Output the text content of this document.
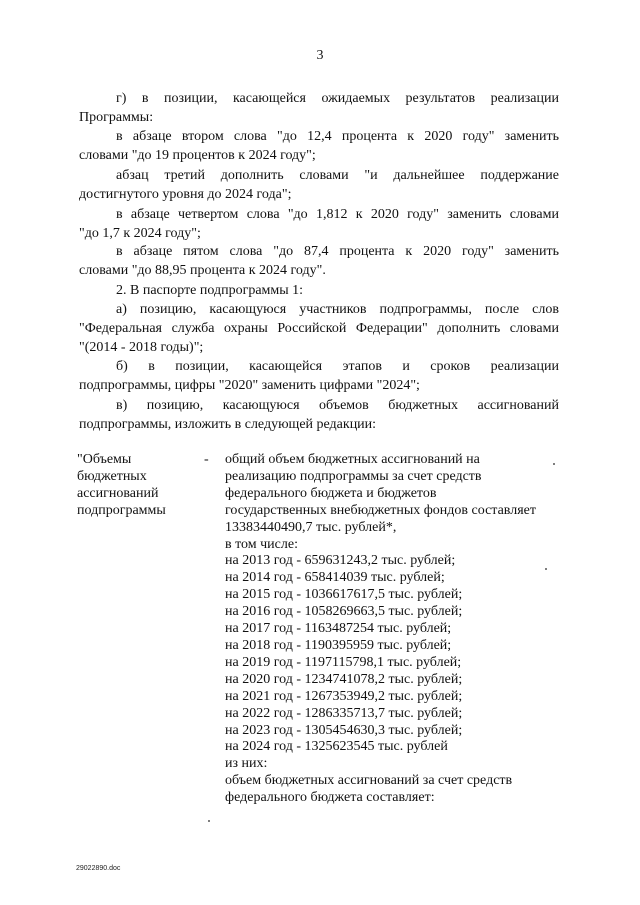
3
г) в позиции, касающейся ожидаемых результатов реализации
Программы:
в абзаце втором слова "до 12,4 процента к 2020 году" заменить
словами "до 19 процентов к 2024 году";
абзац третий дополнить словами "и дальнейшее поддержание
достигнутого уровня до 2024 года";
в абзаце четвертом слова "до 1,812 к 2020 году" заменить словами
"до 1,7 к 2024 году";
в абзаце пятом слова "до 87,4 процента к 2020 году" заменить
словами "до 88,95 процента к 2024 году".
2. В паспорте подпрограммы 1:
а) позицию, касающуюся участников подпрограммы, после слов
"Федеральная служба охраны Российской Федерации" дополнить словами
"(2014 - 2018 годы)";
б) в позиции, касающейся этапов и сроков реализации
подпрограммы, цифры "2020" заменить цифрами "2024";
в) позицию, касающуюся объемов бюджетных ассигнований
подпрограммы, изложить в следующей редакции:
"Объемы
бюджетных
ассигнований
подпрограммы
- общий объем бюджетных ассигнований на
реализацию подпрограммы за счет средств
федерального бюджета и бюджетов
государственных внебюджетных фондов составляет
13383440490,7 тыс. рублей*,
в том числе:
на 2013 год - 659631243,2 тыс. рублей;
на 2014 год - 658414039 тыс. рублей;
на 2015 год - 1036617617,5 тыс. рублей;
на 2016 год - 1058269663,5 тыс. рублей;
на 2017 год - 1163487254 тыс. рублей;
на 2018 год - 1190395959 тыс. рублей;
на 2019 год - 1197115798,1 тыс. рублей;
на 2020 год - 1234741078,2 тыс. рублей;
на 2021 год - 1267353949,2 тыс. рублей;
на 2022 год - 1286335713,7 тыс. рублей;
на 2023 год - 1305454630,3 тыс. рублей;
на 2024 год - 1325623545 тыс. рублей
из них:
объем бюджетных ассигнований за счет средств
федерального бюджета составляет:
29022890.doc
